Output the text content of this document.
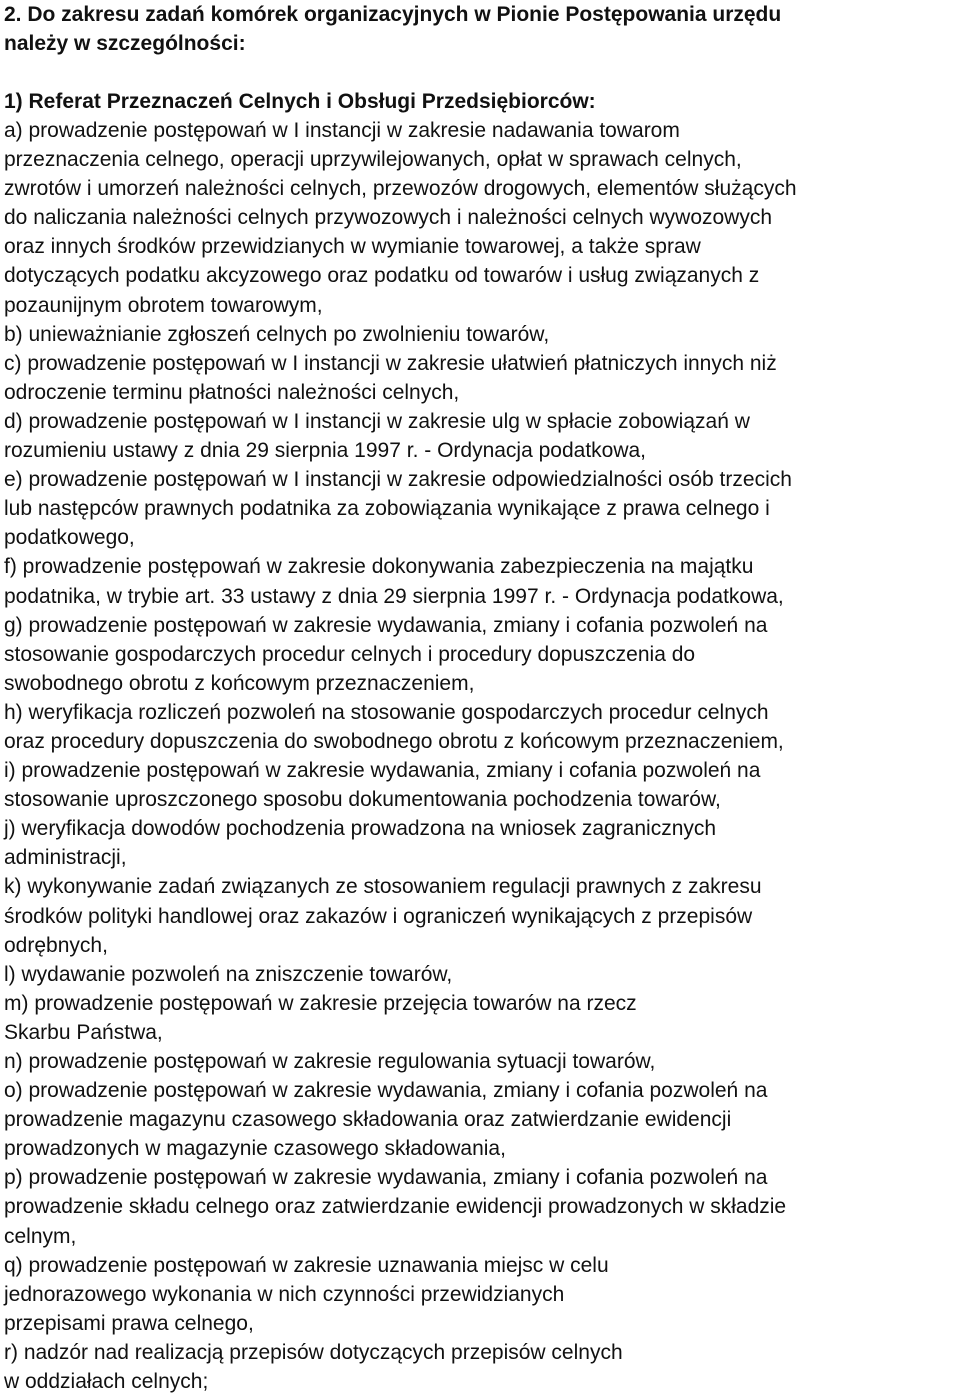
2. Do zakresu zadań komórek organizacyjnych w Pionie Postępowania urzędu
należy w szczególności:
1) Referat Przeznaczeń Celnych i Obsługi Przedsiębiorców:
a) prowadzenie postępowań w I instancji w zakresie nadawania towarom
przeznaczenia celnego, operacji uprzywilejowanych, opłat w sprawach celnych,
zwrotów i umorzeń należności celnych, przewozów drogowych, elementów służących
do naliczania należności celnych przywozowych i należności celnych wywozowych
oraz innych środków przewidzianych w wymianie towarowej, a także spraw
dotyczących podatku akcyzowego oraz podatku od towarów i usług związanych z
pozaunijnym obrotem towarowym,
b) unieważnianie zgłoszeń celnych po zwolnieniu towarów,
c) prowadzenie postępowań w I instancji w zakresie ułatwień płatniczych innych niż
odroczenie terminu płatności należności celnych,
d) prowadzenie postępowań w I instancji w zakresie ulg w spłacie zobowiązań w
rozumieniu ustawy z dnia 29 sierpnia 1997 r. - Ordynacja podatkowa,
e) prowadzenie postępowań w I instancji w zakresie odpowiedzialności osób trzecich
lub następców prawnych podatnika za zobowiązania wynikające z prawa celnego i
podatkowego,
f) prowadzenie postępowań w zakresie dokonywania zabezpieczenia na majątku
podatnika, w trybie art. 33 ustawy z dnia 29 sierpnia 1997 r. - Ordynacja podatkowa,
g) prowadzenie postępowań w zakresie wydawania, zmiany i cofania pozwoleń na
stosowanie gospodarczych procedur celnych i procedury dopuszczenia do
swobodnego obrotu z końcowym przeznaczeniem,
h) weryfikacja rozliczeń pozwoleń na stosowanie gospodarczych procedur celnych
oraz procedury dopuszczenia do swobodnego obrotu z końcowym przeznaczeniem,
i) prowadzenie postępowań w zakresie wydawania, zmiany i cofania pozwoleń na
stosowanie uproszczonego sposobu dokumentowania pochodzenia towarów,
j) weryfikacja dowodów pochodzenia prowadzona na wniosek zagranicznych
administracji,
k) wykonywanie zadań związanych ze stosowaniem regulacji prawnych z zakresu
środków polityki handlowej oraz zakazów i ograniczeń wynikających z przepisów
odrębnych,
l) wydawanie pozwoleń na zniszczenie towarów,
m) prowadzenie postępowań w zakresie przejęcia towarów na rzecz
Skarbu Państwa,
n) prowadzenie postępowań w zakresie regulowania sytuacji towarów,
o) prowadzenie postępowań w zakresie wydawania, zmiany i cofania pozwoleń na
prowadzenie magazynu czasowego składowania oraz zatwierdzanie ewidencji
prowadzonych w magazynie czasowego składowania,
p) prowadzenie postępowań w zakresie wydawania, zmiany i cofania pozwoleń na
prowadzenie składu celnego oraz zatwierdzanie ewidencji prowadzonych w składzie
celnym,
q) prowadzenie postępowań w zakresie uznawania miejsc w celu
jednorazowego wykonania w nich czynności przewidzianych
przepisami prawa celnego,
r) nadzór nad realizacją przepisów dotyczących przepisów celnych
w oddziałach celnych;
